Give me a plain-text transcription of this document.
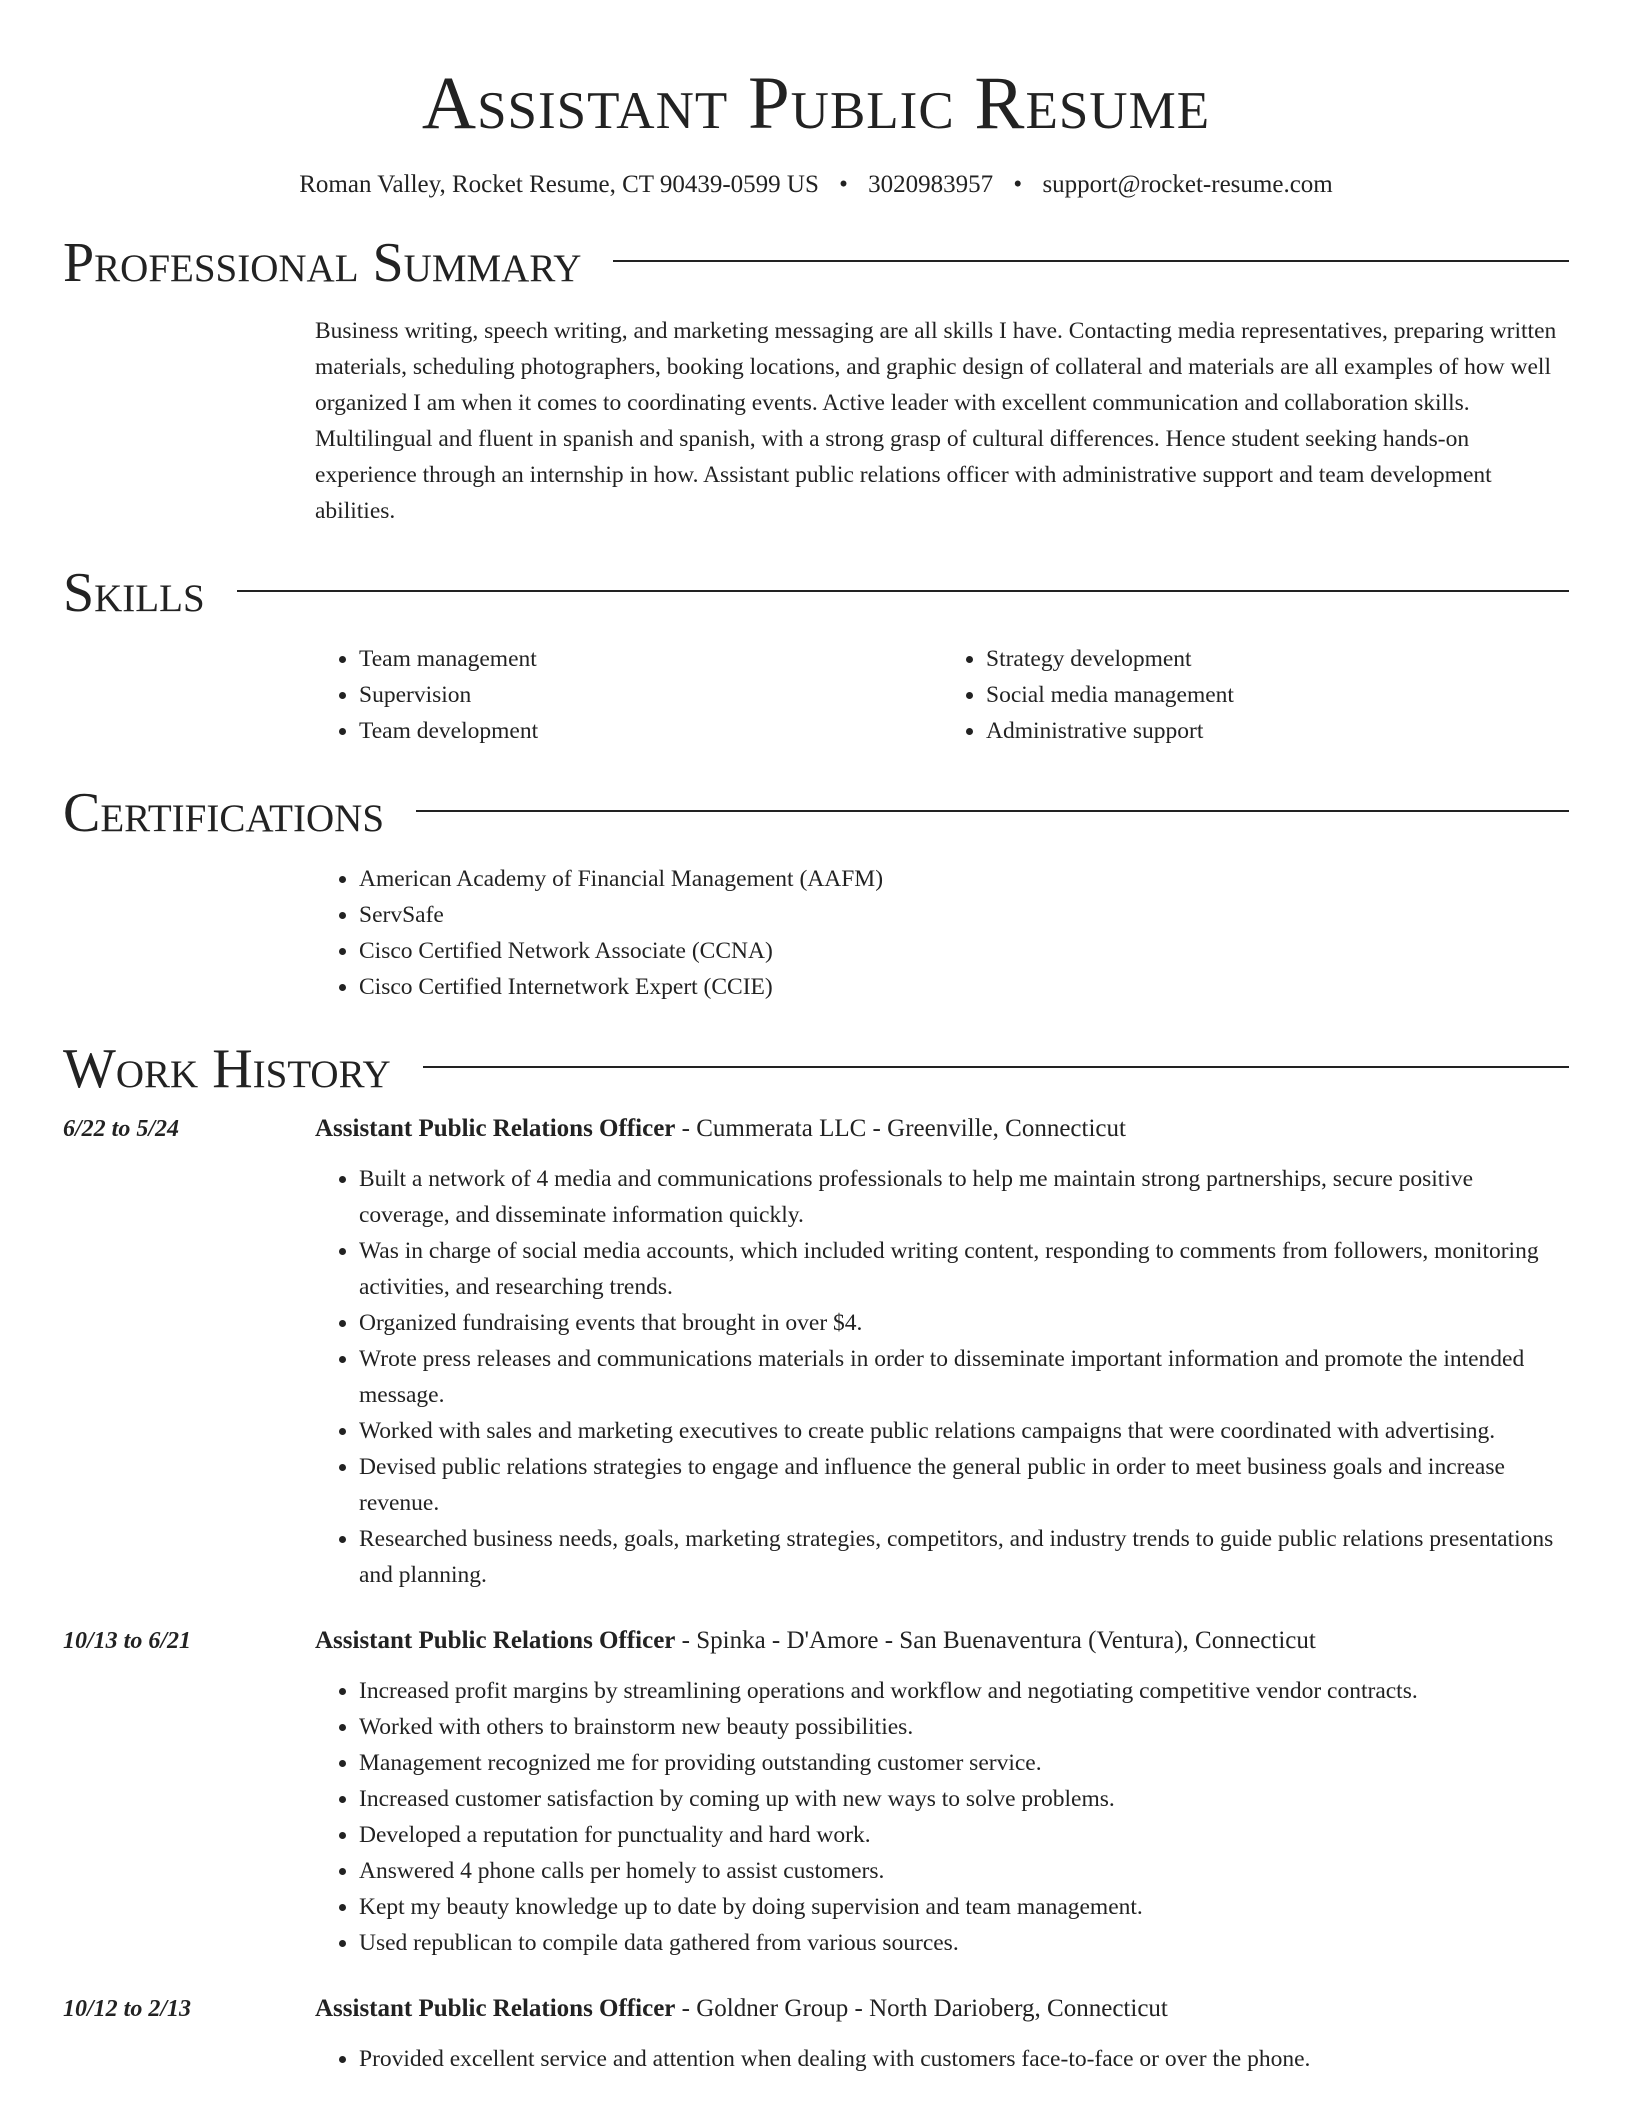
Assistant Public Resume
Roman Valley, Rocket Resume, CT 90439-0599 US • 3020983957 • support@rocket-resume.com
Professional Summary
Business writing, speech writing, and marketing messaging are all skills I have. Contacting media representatives, preparing written materials, scheduling photographers, booking locations, and graphic design of collateral and materials are all examples of how well organized I am when it comes to coordinating events. Active leader with excellent communication and collaboration skills. Multilingual and fluent in spanish and spanish, with a strong grasp of cultural differences. Hence student seeking hands-on experience through an internship in how. Assistant public relations officer with administrative support and team development abilities.
Skills
• Team management
• Supervision
• Team development
• Strategy development
• Social media management
• Administrative support
Certifications
• American Academy of Financial Management (AAFM)
• ServSafe
• Cisco Certified Network Associate (CCNA)
• Cisco Certified Internetwork Expert (CCIE)
Work History
6/22 to 5/24	Assistant Public Relations Officer - Cummerata LLC - Greenville, Connecticut
• Built a network of 4 media and communications professionals to help me maintain strong partnerships, secure positive coverage, and disseminate information quickly.
• Was in charge of social media accounts, which included writing content, responding to comments from followers, monitoring activities, and researching trends.
• Organized fundraising events that brought in over $4.
• Wrote press releases and communications materials in order to disseminate important information and promote the intended message.
• Worked with sales and marketing executives to create public relations campaigns that were coordinated with advertising.
• Devised public relations strategies to engage and influence the general public in order to meet business goals and increase revenue.
• Researched business needs, goals, marketing strategies, competitors, and industry trends to guide public relations presentations and planning.
10/13 to 6/21	Assistant Public Relations Officer - Spinka - D'Amore - San Buenaventura (Ventura), Connecticut
• Increased profit margins by streamlining operations and workflow and negotiating competitive vendor contracts.
• Worked with others to brainstorm new beauty possibilities.
• Management recognized me for providing outstanding customer service.
• Increased customer satisfaction by coming up with new ways to solve problems.
• Developed a reputation for punctuality and hard work.
• Answered 4 phone calls per homely to assist customers.
• Kept my beauty knowledge up to date by doing supervision and team management.
• Used republican to compile data gathered from various sources.
10/12 to 2/13	Assistant Public Relations Officer - Goldner Group - North Darioberg, Connecticut
• Provided excellent service and attention when dealing with customers face-to-face or over the phone.
